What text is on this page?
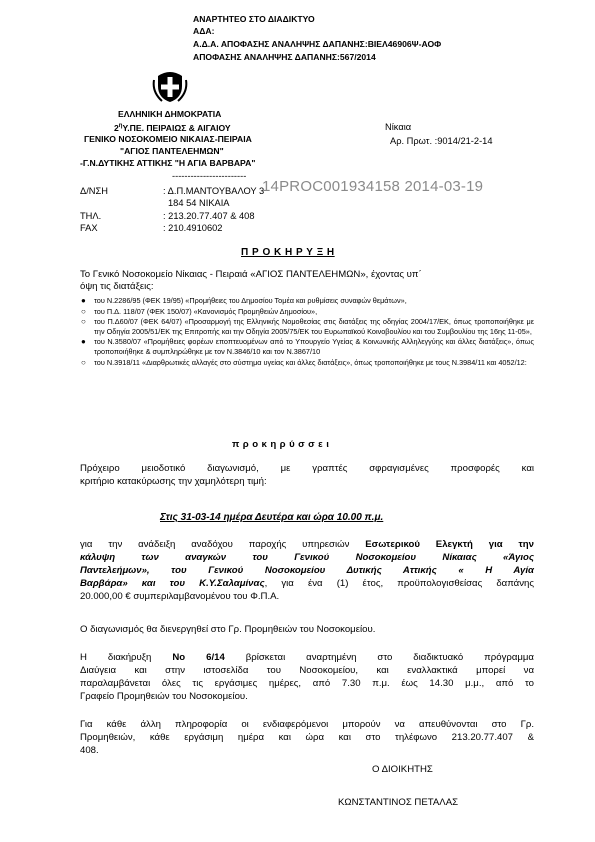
ΑΝΑΡΤΗΤΕΟ ΣΤΟ ΔΙΑΔΙΚΤΥΟ
ΑΔΑ:
Α.Δ.Α. ΑΠΟΦΑΣΗΣ ΑΝΑΛΗΨΗΣ ΔΑΠΑΝΗΣ:ΒΙΕΛ46906Ψ-ΑΟΦ
ΑΠΟΦΑΣΗΣ ΑΝΑΛΗΨΗΣ ΔΑΠΑΝΗΣ:567/2014
ΕΛΛΗΝΙΚΗ ΔΗΜΟΚΡΑΤΙΑ
$2^\eta\Upsilon.\Pi E$. ΠΕΙΡΑΙΩΣ & ΑΙΓΑΙΟΥ
ΓΕΝΙΚΟ ΝΟΣΟΚΟΜΕΙΟ ΝΙΚΑΙΑΣ-ΠΕΙΡΑΙΑ
"ΑΓΙΟΣ ΠΑΝΤΕΛΕΗΜΩΝ"
-Γ.Ν.ΔΥΤΙΚΗΣ ΑΤΤΙΚΗΣ "Η ΑΓΙΑ ΒΑΡΒΑΡΑ"
------------------------
Νίκαια
Αρ. Πρωτ. :9014/21-2-14
Δ/ΝΣΗ	: Δ.Π.ΜΑΝΤΟΥΒΑΛΟΥ 3
184 54 ΝΙΚΑΙΑ
ΤΗΛ.	: 213.20.77.407 & 408
FAX	: 210.4910602
14PROC001934158 2014-03-19
Π Ρ Ο Κ Η Ρ Υ Ξ Η
Το Γενικό Νοσοκομείο Νίκαιας - Πειραιά «ΑΓΙΟΣ ΠΑΝΤΕΛΕΗΜΩΝ», έχοντας υπ΄
όψη τις διατάξεις:
● του Ν.2286/95 (ΦΕΚ 19/95) «Προμήθειες του Δημοσίου Τομέα και ρυθμίσεις συναφών θεμάτων»,
○ του Π.Δ. 118/07 (ΦΕΚ 150/07) «Κανονισμός Προμηθειών Δημοσίου»,
○ του Π.Δ60/07 (ΦΕΚ 64/07) «Προσαρμογή της Ελληνικής Νομοθεσίας στις διατάξεις της οδηγίας 2004/17/ΕΚ, όπως τροποποιήθηκε με την Οδηγία 2005/51/ΕΚ της Επιτροπής και την Οδηγία 2005/75/ΕΚ του Ευρωπαϊκού Κοινοβουλίου και του Συμβουλίου της 16ης 11-05»,
● του Ν.3580/07 «Προμήθειες φορέων εποπτευομένων από το Υπουργείο Υγείας & Κοινωνικής Αλληλεγγύης και άλλες διατάξεις», όπως τροποποιήθηκε & συμπληρώθηκε με τον Ν.3846/10 και τον Ν.3867/10
○ του Ν.3918/11 «Διαρθρωτικές αλλαγές στο σύστημα υγείας και άλλες διατάξεις», όπως τροποποιήθηκε με τους Ν.3984/11 και 4052/12:
π ρ ο κ η ρ ύ σ σ ε ι
Πρόχειρο μειοδοτικό διαγωνισμό, με γραπτές σφραγισμένες προσφορές και
κριτήριο κατακύρωσης την χαμηλότερη τιμή:
Στις 31-03-14 ημέρα Δευτέρα και ώρα 10.00 π.μ.
για την ανάδειξη αναδόχου παροχής υπηρεσιών Εσωτερικού Ελεγκτή για την
κάλυψη των αναγκών του Γενικού Νοσοκομείου Νίκαιας «Άγιος
Παντελεήμων», του Γενικού Νοσοκομείου Δυτικής Αττικής « Η Αγία
Βαρβάρα» και του Κ.Υ.Σαλαμίνας, για ένα (1) έτος, προϋπολογισθείσας δαπάνης
20.000,00 € συμπεριλαμβανομένου του Φ.Π.Α.
Ο διαγωνισμός θα διενεργηθεί στο Γρ. Προμηθειών του Νοσοκομείου.
Η διακήρυξη Νο 6/14 βρίσκεται αναρτημένη στο διαδικτυακό πρόγραμμα
Διαύγεια και στην ιστοσελίδα του Νοσοκομείου, και εναλλακτικά μπορεί να
παραλαμβάνεται όλες τις εργάσιμες ημέρες, από 7.30 π.μ. έως 14.30 μ.μ., από το
Γραφείο Προμηθειών του Νοσοκομείου.
Για κάθε άλλη πληροφορία οι ενδιαφερόμενοι μπορούν να απευθύνονται στο Γρ.
Προμηθειών, κάθε εργάσιμη ημέρα και ώρα και στο τηλέφωνο 213.20.77.407 &
408.
Ο ΔΙΟΙΚΗΤΗΣ
ΚΩΝΣΤΑΝΤΙΝΟΣ ΠΕΤΑΛΑΣ
